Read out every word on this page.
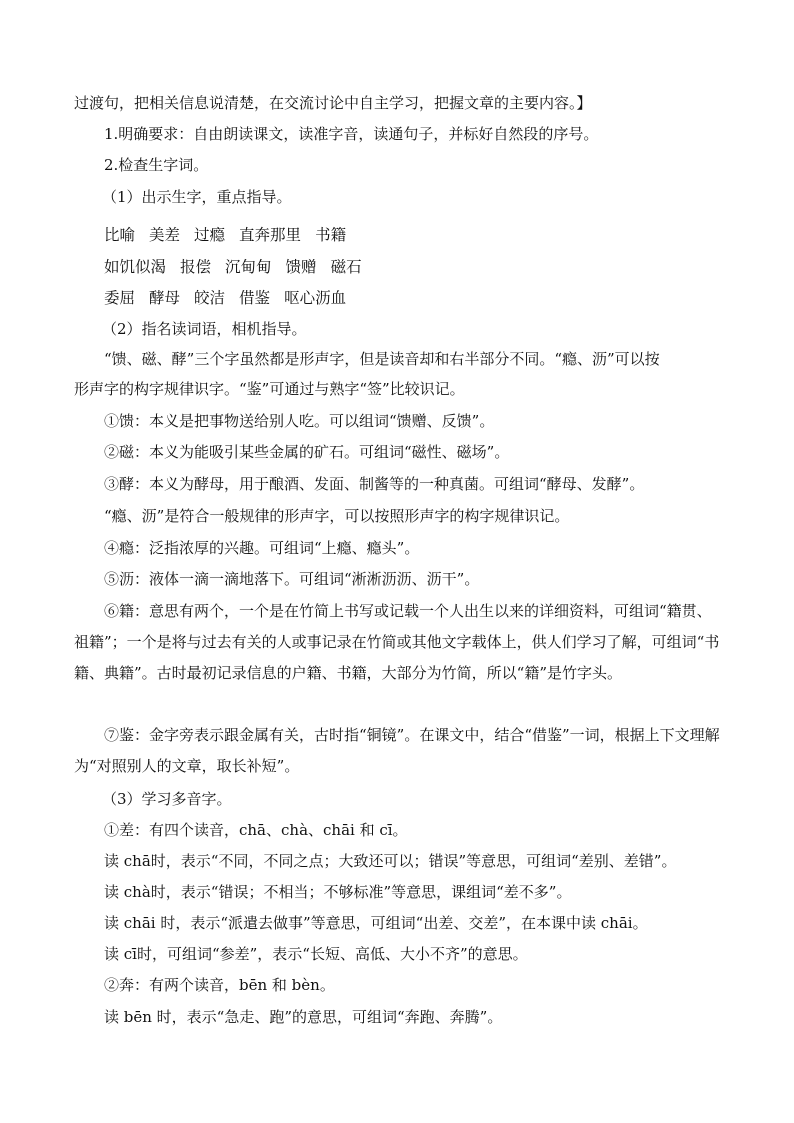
过渡句，把相关信息说清楚，在交流讨论中自主学习，把握文章的主要内容。】
1.明确要求：自由朗读课文，读准字音，读通句子，并标好自然段的序号。
2.检查生字词。
（1）出示生字，重点指导。
比喻 美差 过瘾 直奔那里 书籍
如饥似渴 报偿 沉甸甸 馈赠 磁石
委屈 酵母 皎洁 借鉴 呕心沥血
（2）指名读词语，相机指导。
“馈、磁、酵”三个字虽然都是形声字，但是读音却和右半部分不同。“瘾、沥”可以按
形声字的构字规律识字。“鉴”可通过与熟字“签”比较识记。
①馈：本义是把事物送给别人吃。可以组词“馈赠、反馈”。
②磁：本义为能吸引某些金属的矿石。可组词“磁性、磁场”。
③酵：本义为酵母，用于酿酒、发面、制酱等的一种真菌。可组词“酵母、发酵”。
“瘾、沥”是符合一般规律的形声字，可以按照形声字的构字规律识记。
④瘾：泛指浓厚的兴趣。可组词“上瘾、瘾头”。
⑤沥：液体一滴一滴地落下。可组词“淅淅沥沥、沥干”。
⑥籍：意思有两个，一个是在竹简上书写或记载一个人出生以来的详细资料，可组词“籍贯、祖籍”；一个是将与过去有关的人或事记录在竹简或其他文字载体上，供人们学习了解，可组词“书籍、典籍”。古时最初记录信息的户籍、书籍，大部分为竹简，所以“籍”是竹字头。
⑦鉴：金字旁表示跟金属有关，古时指“铜镜”。在课文中，结合“借鉴”一词，根据上下文理解为“对照别人的文章，取长补短”。
（3）学习多音字。
①差：有四个读音，chā、chà、chāi 和 cī。
读 chā时，表示“不同，不同之点；大致还可以；错误”等意思，可组词“差别、差错”。
读 chà时，表示“错误；不相当；不够标准”等意思，课组词“差不多”。
读 chāi 时，表示“派遣去做事”等意思，可组词“出差、交差”，在本课中读 chāi。
读 cī时，可组词“参差”，表示“长短、高低、大小不齐”的意思。
②奔：有两个读音，bēn 和 bèn。
读 bēn 时，表示“急走、跑”的意思，可组词“奔跑、奔腾”。
